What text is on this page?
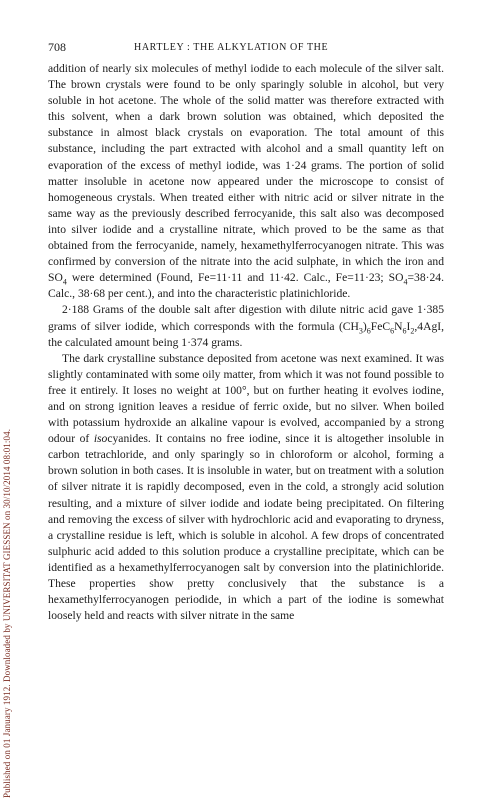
Published on 01 January 1912. Downloaded by UNIVERSITAT GIESSEN on 30/10/2014 08:01:04.
708	HARTLEY : THE ALKYLATION OF THE

addition of nearly six molecules of methyl iodide to each molecule of the silver salt. The brown crystals were found to be only sparingly soluble in alcohol, but very soluble in hot acetone. The whole of the solid matter was therefore extracted with this solvent, when a dark brown solution was obtained, which deposited the substance in almost black crystals on evaporation. The total amount of this substance, including the part extracted with alcohol and a small quantity left on evaporation of the excess of methyl iodide, was 1·24 grams. The portion of solid matter insoluble in acetone now appeared under the microscope to consist of homogeneous crystals. When treated either with nitric acid or silver nitrate in the same way as the previously described ferrocyanide, this salt also was decomposed into silver iodide and a crystalline nitrate, which proved to be the same as that obtained from the ferrocyanide, namely, hexamethylferrocyanogen nitrate. This was confirmed by conversion of the nitrate into the acid sulphate, in which the iron and $SO_4$ were determined (Found, Fe=11·11 and 11·42. Calc., Fe=11·23; $SO_4=38\cdot 24$. Calc., 38·68 per cent.), and into the characteristic platinichloride.

2·188 Grams of the double salt after digestion with dilute nitric acid gave 1·385 grams of silver iodide, which corresponds with the formula $(CH_3)_6FeC_6N_6I_2,4AgI$, the calculated amount being 1·374 grams.

The dark crystalline substance deposited from acetone was next examined. It was slightly contaminated with some oily matter, from which it was not found possible to free it entirely. It loses no weight at 100°, but on further heating it evolves iodine, and on strong ignition leaves a residue of ferric oxide, but no silver. When boiled with potassium hydroxide an alkaline vapour is evolved, accompanied by a strong odour of isocyanides. It contains no free iodine, since it is altogether insoluble in carbon tetrachloride, and only sparingly so in chloroform or alcohol, forming a brown solution in both cases. It is insoluble in water, but on treatment with a solution of silver nitrate it is rapidly decomposed, even in the cold, a strongly acid solution resulting, and a mixture of silver iodide and iodate being precipitated. On filtering and removing the excess of silver with hydrochloric acid and evaporating to dryness, a crystalline residue is left, which is soluble in alcohol. A few drops of concentrated sulphuric acid added to this solution produce a crystalline precipitate, which can be identified as a hexamethylferrocyanogen salt by conversion into the platinichloride. These properties show pretty conclusively that the substance is a hexamethylferrocyanogen periodide, in which a part of the iodine is somewhat loosely held and reacts with silver nitrate in the same
